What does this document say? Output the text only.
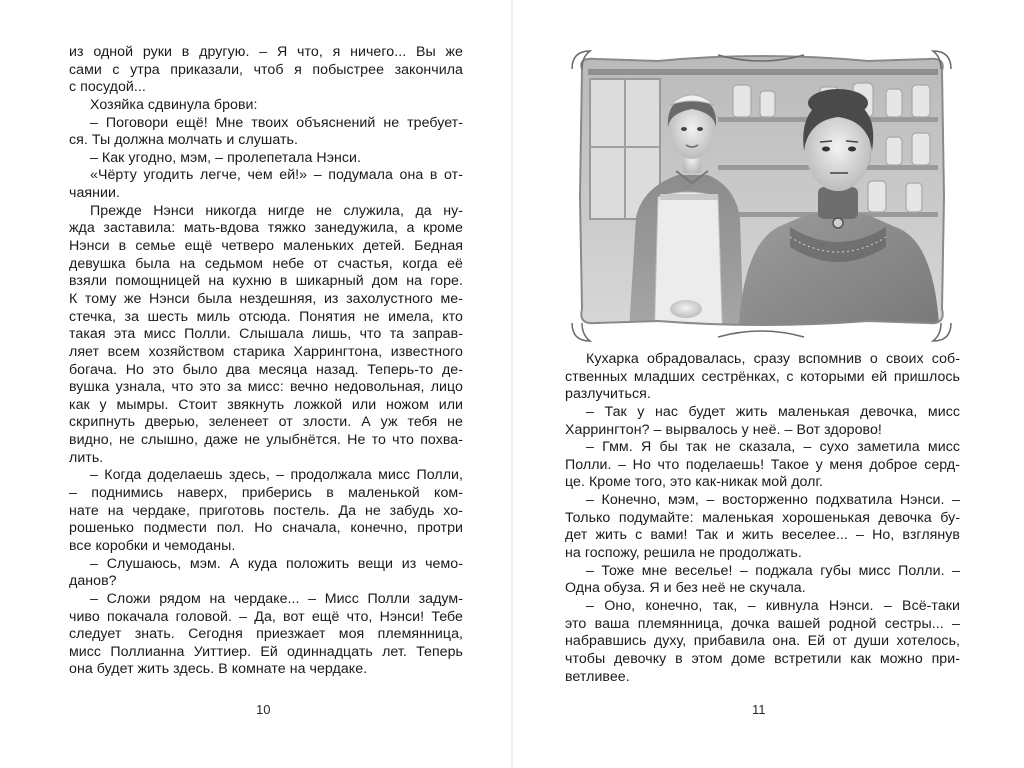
из одной руки в другую. – Я что, я ничего... Вы же
сами с утра приказали, чтоб я побыстрее закончила
с посудой...
Хозяйка сдвинула брови:
– Поговори ещё! Мне твоих объяснений не требует-
ся. Ты должна молчать и слушать.
– Как угодно, мэм, – пролепетала Нэнси.
«Чёрту угодить легче, чем ей!» – подумала она в от-
чаянии.
Прежде Нэнси никогда нигде не служила, да ну-
жда заставила: мать-вдова тяжко занедужила, а кроме
Нэнси в семье ещё четверо маленьких детей. Бедная
девушка была на седьмом небе от счастья, когда её
взяли помощницей на кухню в шикарный дом на горе.
К тому же Нэнси была нездешняя, из захолустного ме-
стечка, за шесть миль отсюда. Понятия не имела, кто
такая эта мисс Полли. Слышала лишь, что та заправ-
ляет всем хозяйством старика Харрингтона, известного
богача. Но это было два месяца назад. Теперь-то де-
вушка узнала, что это за мисс: вечно недовольная, лицо
как у мымры. Стоит звякнуть ложкой или ножом или
скрипнуть дверью, зеленеет от злости. А уж тебя не
видно, не слышно, даже не улыбнётся. Не то что похва-
лить.
– Когда доделаешь здесь, – продолжала мисс Полли,
– поднимись наверх, приберись в маленькой ком-
нате на чердаке, приготовь постель. Да не забудь хо-
рошенько подмести пол. Но сначала, конечно, протри
все коробки и чемоданы.
– Слушаюсь, мэм. А куда положить вещи из чемо-
данов?
– Сложи рядом на чердаке... – Мисс Полли задум-
чиво покачала головой. – Да, вот ещё что, Нэнси! Тебе
следует знать. Сегодня приезжает моя племянница,
мисс Поллианна Уиттиер. Ей одиннадцать лет. Теперь
она будет жить здесь. В комнате на чердаке.
10	11
Кухарка обрадовалась, сразу вспомнив о своих соб-
ственных младших сестрёнках, с которыми ей пришлось
разлучиться.
– Так у нас будет жить маленькая девочка, мисс
Харрингтон? – вырвалось у неё. – Вот здорово!
– Гмм. Я бы так не сказала, – сухо заметила мисс
Полли. – Но что поделаешь! Такое у меня доброе серд-
це. Кроме того, это как-никак мой долг.
– Конечно, мэм, – восторженно подхватила Нэнси. –
Только подумайте: маленькая хорошенькая девочка бу-
дет жить с вами! Так и жить веселее... – Но, взглянув
на госпожу, решила не продолжать.
– Тоже мне веселье! – поджала губы мисс Полли. –
Одна обуза. Я и без неё не скучала.
– Оно, конечно, так, – кивнула Нэнси. – Всё-таки
это ваша племянница, дочка вашей родной сестры... –
набравшись духу, прибавила она. Ей от души хотелось,
чтобы девочку в этом доме встретили как можно при-
ветливее.
